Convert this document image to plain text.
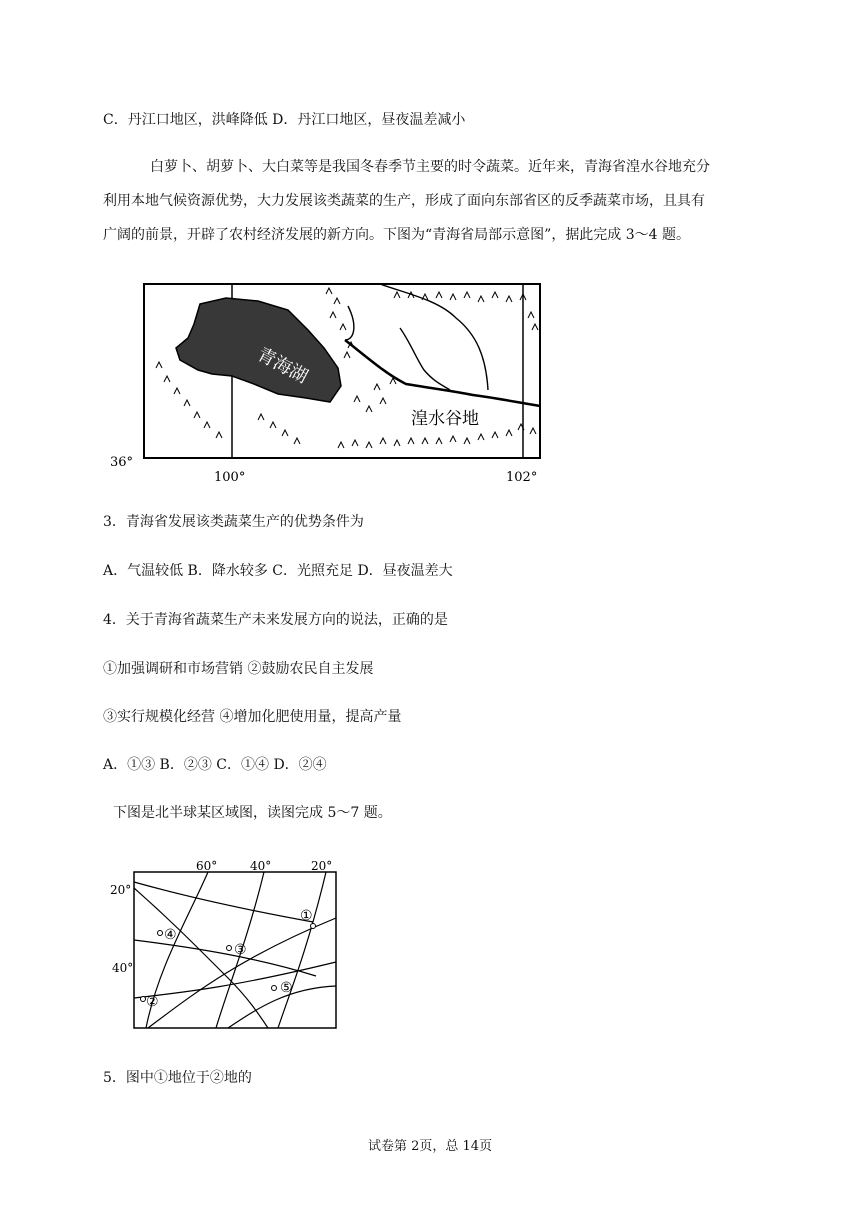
C．丹江口地区，洪峰降低 D．丹江口地区，昼夜温差减小
白萝卜、胡萝卜、大白菜等是我国冬春季节主要的时令蔬菜。近年来，青海省湟水谷地充分
利用本地气候资源优势，大力发展该类蔬菜的生产，形成了面向东部省区的反季蔬菜市场，且具有
广阔的前景，开辟了农村经济发展的新方向。下图为“青海省局部示意图”，据此完成 3～4 题。
青海湖
湟水谷地
36°
100°	102°
3．青海省发展该类蔬菜生产的优势条件为
A．气温较低 B．降水较多 C．光照充足 D．昼夜温差大
4．关于青海省蔬菜生产未来发展方向的说法，正确的是
①加强调研和市场营销 ②鼓励农民自主发展
③实行规模化经营 ④增加化肥使用量，提高产量
A．①③ B．②③ C．①④ D．②④
下图是北半球某区域图，读图完成 5～7 题。
60°	40°	20°
20°
40°
①
②
③
④
⑤
5．图中①地位于②地的
试卷第 2页，总 14页
